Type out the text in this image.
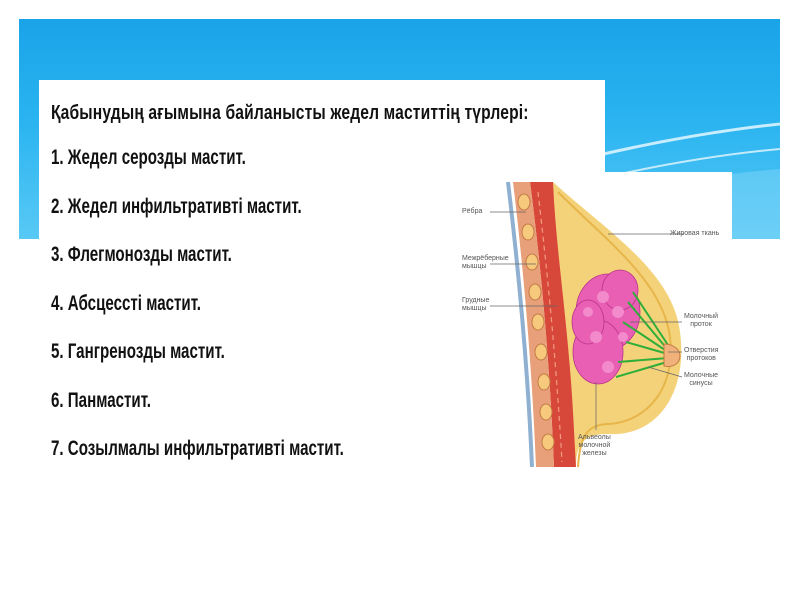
Қабынудың ағымына байланысты жедел маститтің түрлері:
1. Жедел серозды мастит.
2. Жедел инфильтративті мастит.
3. Флегмонозды мастит.
4. Абсцессті мастит.
5. Гангренозды мастит.
6. Панмастит.
7. Созылмалы инфильтративті мастит.
Рёбра
Межрёберные
мышцы
Грудные
мышцы
Жировая ткань
Молочный
проток
Отверстия
протоков
Молочные
синусы
Альвеолы
молочной
железы
